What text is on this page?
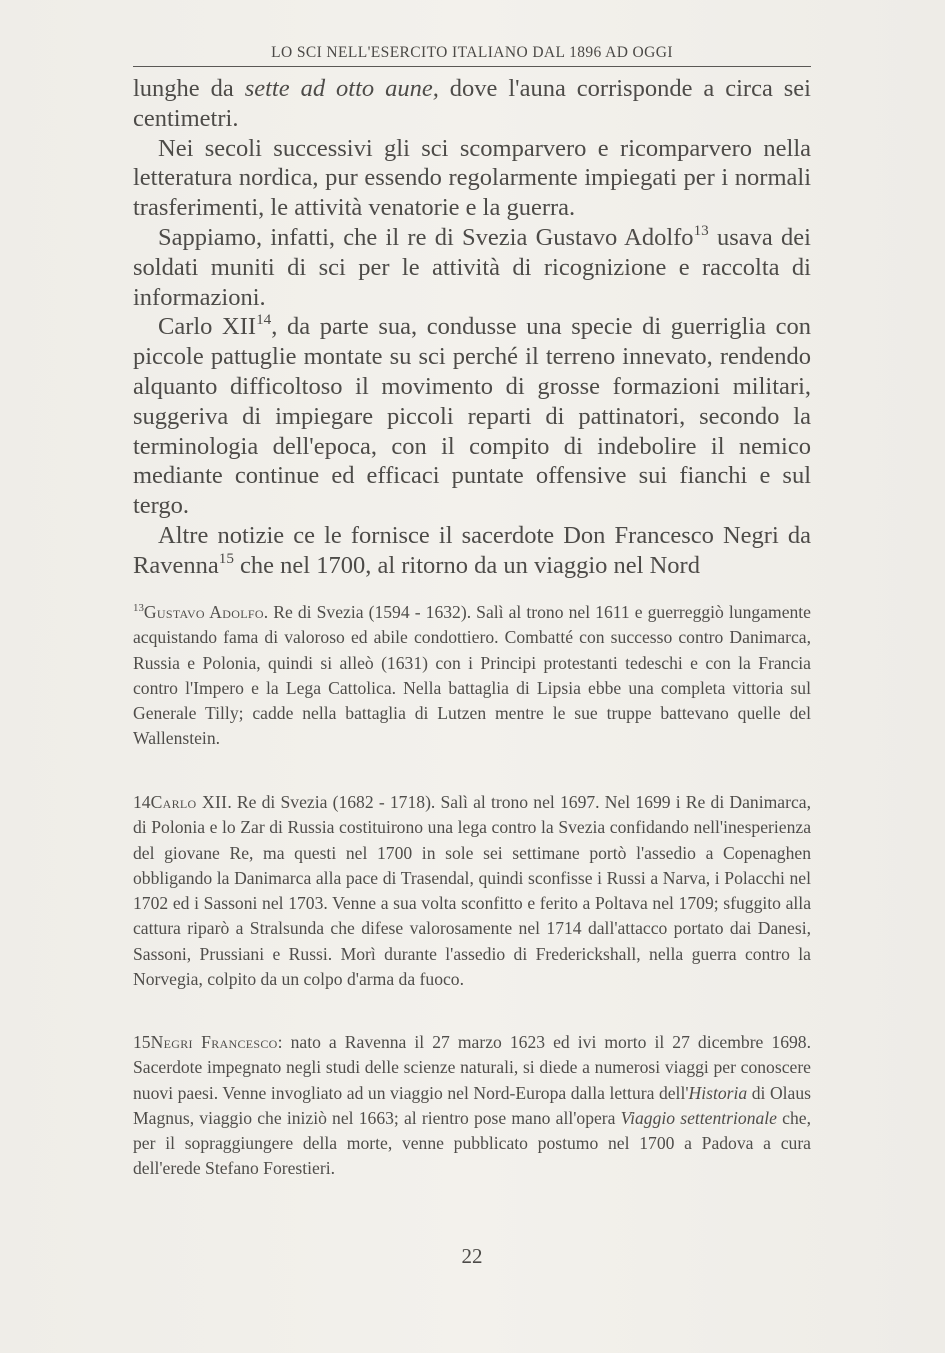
LO SCI NELL'ESERCITO ITALIANO DAL 1896 AD OGGI

lunghe da sette ad otto aune, dove l'auna corrisponde a circa sei centimetri.

Nei secoli successivi gli sci scomparvero e ricomparvero nella letteratura nordica, pur essendo regolarmente impiegati per i normali trasferimenti, le attività venatorie e la guerra.

Sappiamo, infatti, che il re di Svezia Gustavo Adolfo$^{13}$ usava dei soldati muniti di sci per le attività di ricognizione e raccolta di informazioni.

Carlo XII$^{14}$, da parte sua, condusse una specie di guerriglia con piccole pattuglie montate su sci perché il terreno innevato, rendendo alquanto difficoltoso il movimento di grosse formazioni militari, suggeriva di impiegare piccoli reparti di pattinatori, secondo la terminologia dell'epoca, con il compito di indebolire il nemico mediante continue ed efficaci puntate offensive sui fianchi e sul tergo.

Altre notizie ce le fornisce il sacerdote Don Francesco Negri da Ravenna$^{15}$ che nel 1700, al ritorno da un viaggio nel Nord

$^{13}$Gustavo Adolfo. Re di Svezia (1594 - 1632). Salì al trono nel 1611 e guerreggiò lungamente acquistando fama di valoroso ed abile condottiero. Combatté con successo contro Danimarca, Russia e Polonia, quindi si alleò (1631) con i Principi protestanti tedeschi e con la Francia contro l'Impero e la Lega Cattolica. Nella battaglia di Lipsia ebbe una completa vittoria sul Generale Tilly; cadde nella battaglia di Lutzen mentre le sue truppe battevano quelle del Wallenstein.

14Carlo XII. Re di Svezia (1682 - 1718). Salì al trono nel 1697. Nel 1699 i Re di Danimarca, di Polonia e lo Zar di Russia costituirono una lega contro la Svezia confidando nell'inesperienza del giovane Re, ma questi nel 1700 in sole sei settimane portò l'assedio a Copenaghen obbligando la Danimarca alla pace di Trasendal, quindi sconfisse i Russi a Narva, i Polacchi nel 1702 ed i Sassoni nel 1703. Venne a sua volta sconfitto e ferito a Poltava nel 1709; sfuggito alla cattura riparò a Stralsunda che difese valorosamente nel 1714 dall'attacco portato dai Danesi, Sassoni, Prussiani e Russi. Morì durante l'assedio di Frederickshall, nella guerra contro la Norvegia, colpito da un colpo d'arma da fuoco.

15Negri Francesco: nato a Ravenna il 27 marzo 1623 ed ivi morto il 27 dicembre 1698. Sacerdote impegnato negli studi delle scienze naturali, si diede a numerosi viaggi per conoscere nuovi paesi. Venne invogliato ad un viaggio nel Nord-Europa dalla lettura dell'Historia di Olaus Magnus, viaggio che iniziò nel 1663; al rientro pose mano all'opera Viaggio settentrionale che, per il sopraggiungere della morte, venne pubblicato postumo nel 1700 a Padova a cura dell'erede Stefano Forestieri.

22
